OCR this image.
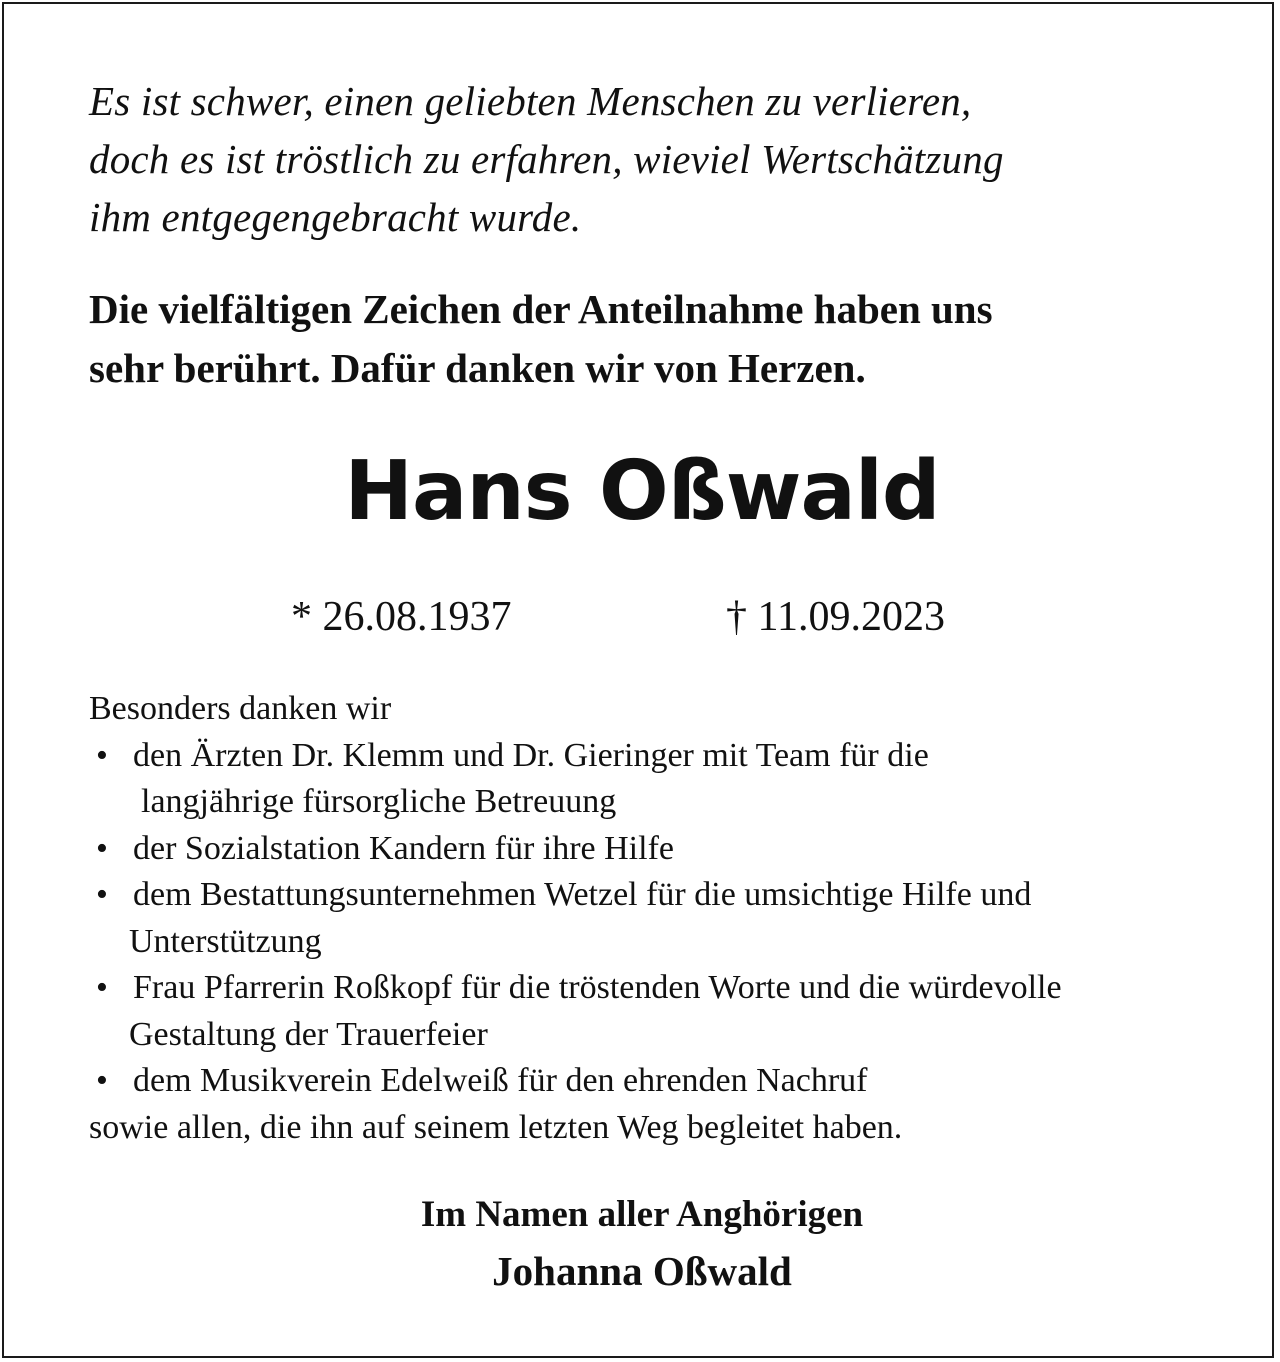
Es ist schwer, einen geliebten Menschen zu verlieren,
doch es ist tröstlich zu erfahren, wieviel Wertschätzung
ihm entgegengebracht wurde.
Die vielfältigen Zeichen der Anteilnahme haben uns
sehr berührt. Dafür danken wir von Herzen.
Hans Oßwald
* 26.08.1937	† 11.09.2023
Besonders danken wir
• den Ärzten Dr. Klemm und Dr. Gieringer mit Team für die
langjährige fürsorgliche Betreuung
• der Sozialstation Kandern für ihre Hilfe
• dem Bestattungsunternehmen Wetzel für die umsichtige Hilfe und
Unterstützung
• Frau Pfarrerin Roßkopf für die tröstenden Worte und die würdevolle
Gestaltung der Trauerfeier
• dem Musikverein Edelweiß für den ehrenden Nachruf
sowie allen, die ihn auf seinem letzten Weg begleitet haben.
Im Namen aller Anghörigen
Johanna Oßwald
